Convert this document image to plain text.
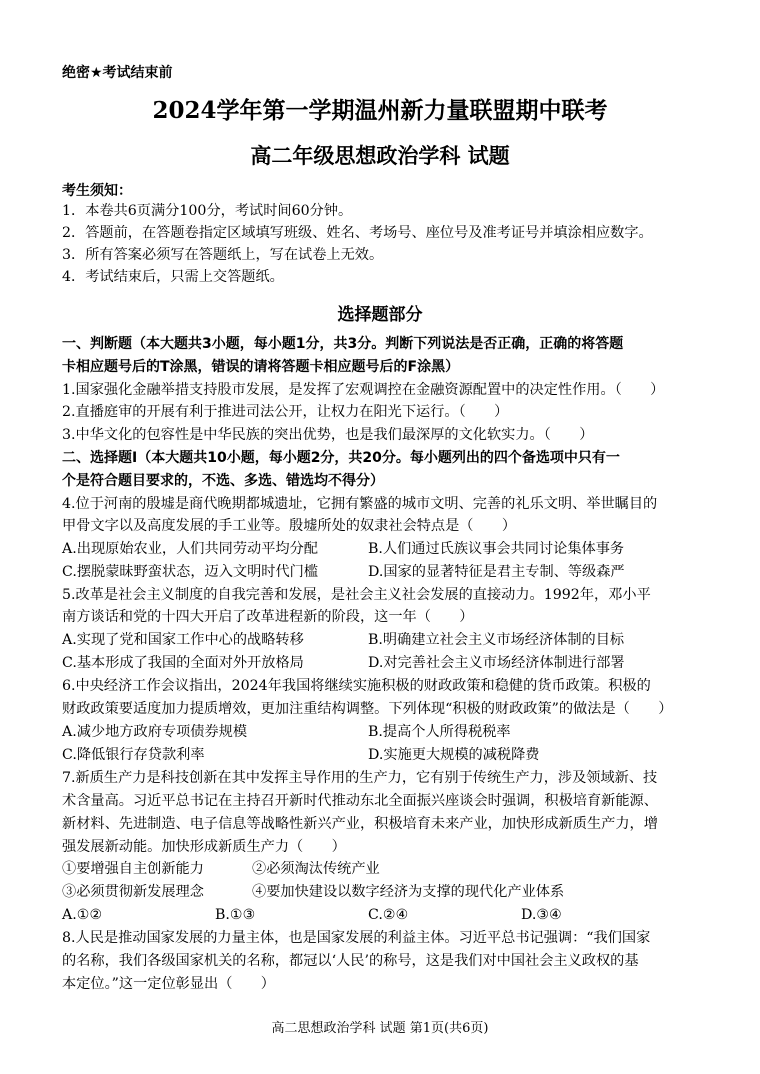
绝密★考试结束前
2024学年第一学期温州新力量联盟期中联考
高二年级思想政治学科 试题
考生须知：
1．本卷共6页满分100分，考试时间60分钟。
2．答题前，在答题卷指定区域填写班级、姓名、考场号、座位号及准考证号并填涂相应数字。
3．所有答案必须写在答题纸上，写在试卷上无效。
4．考试结束后，只需上交答题纸。
选择题部分
一、判断题（本大题共3小题，每小题1分，共3分。判断下列说法是否正确，正确的将答题
卡相应题号后的T涂黑，错误的请将答题卡相应题号后的F涂黑）
1.国家强化金融举措支持股市发展，是发挥了宏观调控在金融资源配置中的决定性作用。（　　）
2.直播庭审的开展有利于推进司法公开，让权力在阳光下运行。（　　）
3.中华文化的包容性是中华民族的突出优势，也是我们最深厚的文化软实力。（　　）
二、选择题Ⅰ（本大题共10小题，每小题2分，共20分。每小题列出的四个备选项中只有一
个是符合题目要求的，不选、多选、错选均不得分）
4.位于河南的殷墟是商代晚期都城遗址，它拥有繁盛的城市文明、完善的礼乐文明、举世瞩目的
甲骨文字以及高度发展的手工业等。殷墟所处的奴隶社会特点是（　　）
A.出现原始农业，人们共同劳动平均分配	B.人们通过氏族议事会共同讨论集体事务
C.摆脱蒙昧野蛮状态，迈入文明时代门槛	D.国家的显著特征是君主专制、等级森严
5.改革是社会主义制度的自我完善和发展，是社会主义社会发展的直接动力。1992年，邓小平
南方谈话和党的十四大开启了改革进程新的阶段，这一年（　　）
A.实现了党和国家工作中心的战略转移	B.明确建立社会主义市场经济体制的目标
C.基本形成了我国的全面对外开放格局	D.对完善社会主义市场经济体制进行部署
6.中央经济工作会议指出，2024年我国将继续实施积极的财政政策和稳健的货币政策。积极的
财政政策要适度加力提质增效，更加注重结构调整。下列体现“积极的财政政策”的做法是（　　）
A.减少地方政府专项债券规模	B.提高个人所得税税率
C.降低银行存贷款利率	D.实施更大规模的减税降费
7.新质生产力是科技创新在其中发挥主导作用的生产力，它有别于传统生产力，涉及领域新、技
术含量高。习近平总书记在主持召开新时代推动东北全面振兴座谈会时强调，积极培育新能源、
新材料、先进制造、电子信息等战略性新兴产业，积极培育未来产业，加快形成新质生产力，增
强发展新动能。加快形成新质生产力（　　）
①要增强自主创新能力	②必须淘汰传统产业
③必须贯彻新发展理念	④要加快建设以数字经济为支撑的现代化产业体系
A.①②	B.①③	C.②④	D.③④
8.人民是推动国家发展的力量主体，也是国家发展的利益主体。习近平总书记强调：“我们国家
的名称，我们各级国家机关的名称，都冠以‘人民’的称号，这是我们对中国社会主义政权的基
本定位。”这一定位彰显出（　　）
高二思想政治学科 试题 第1页(共6页)
